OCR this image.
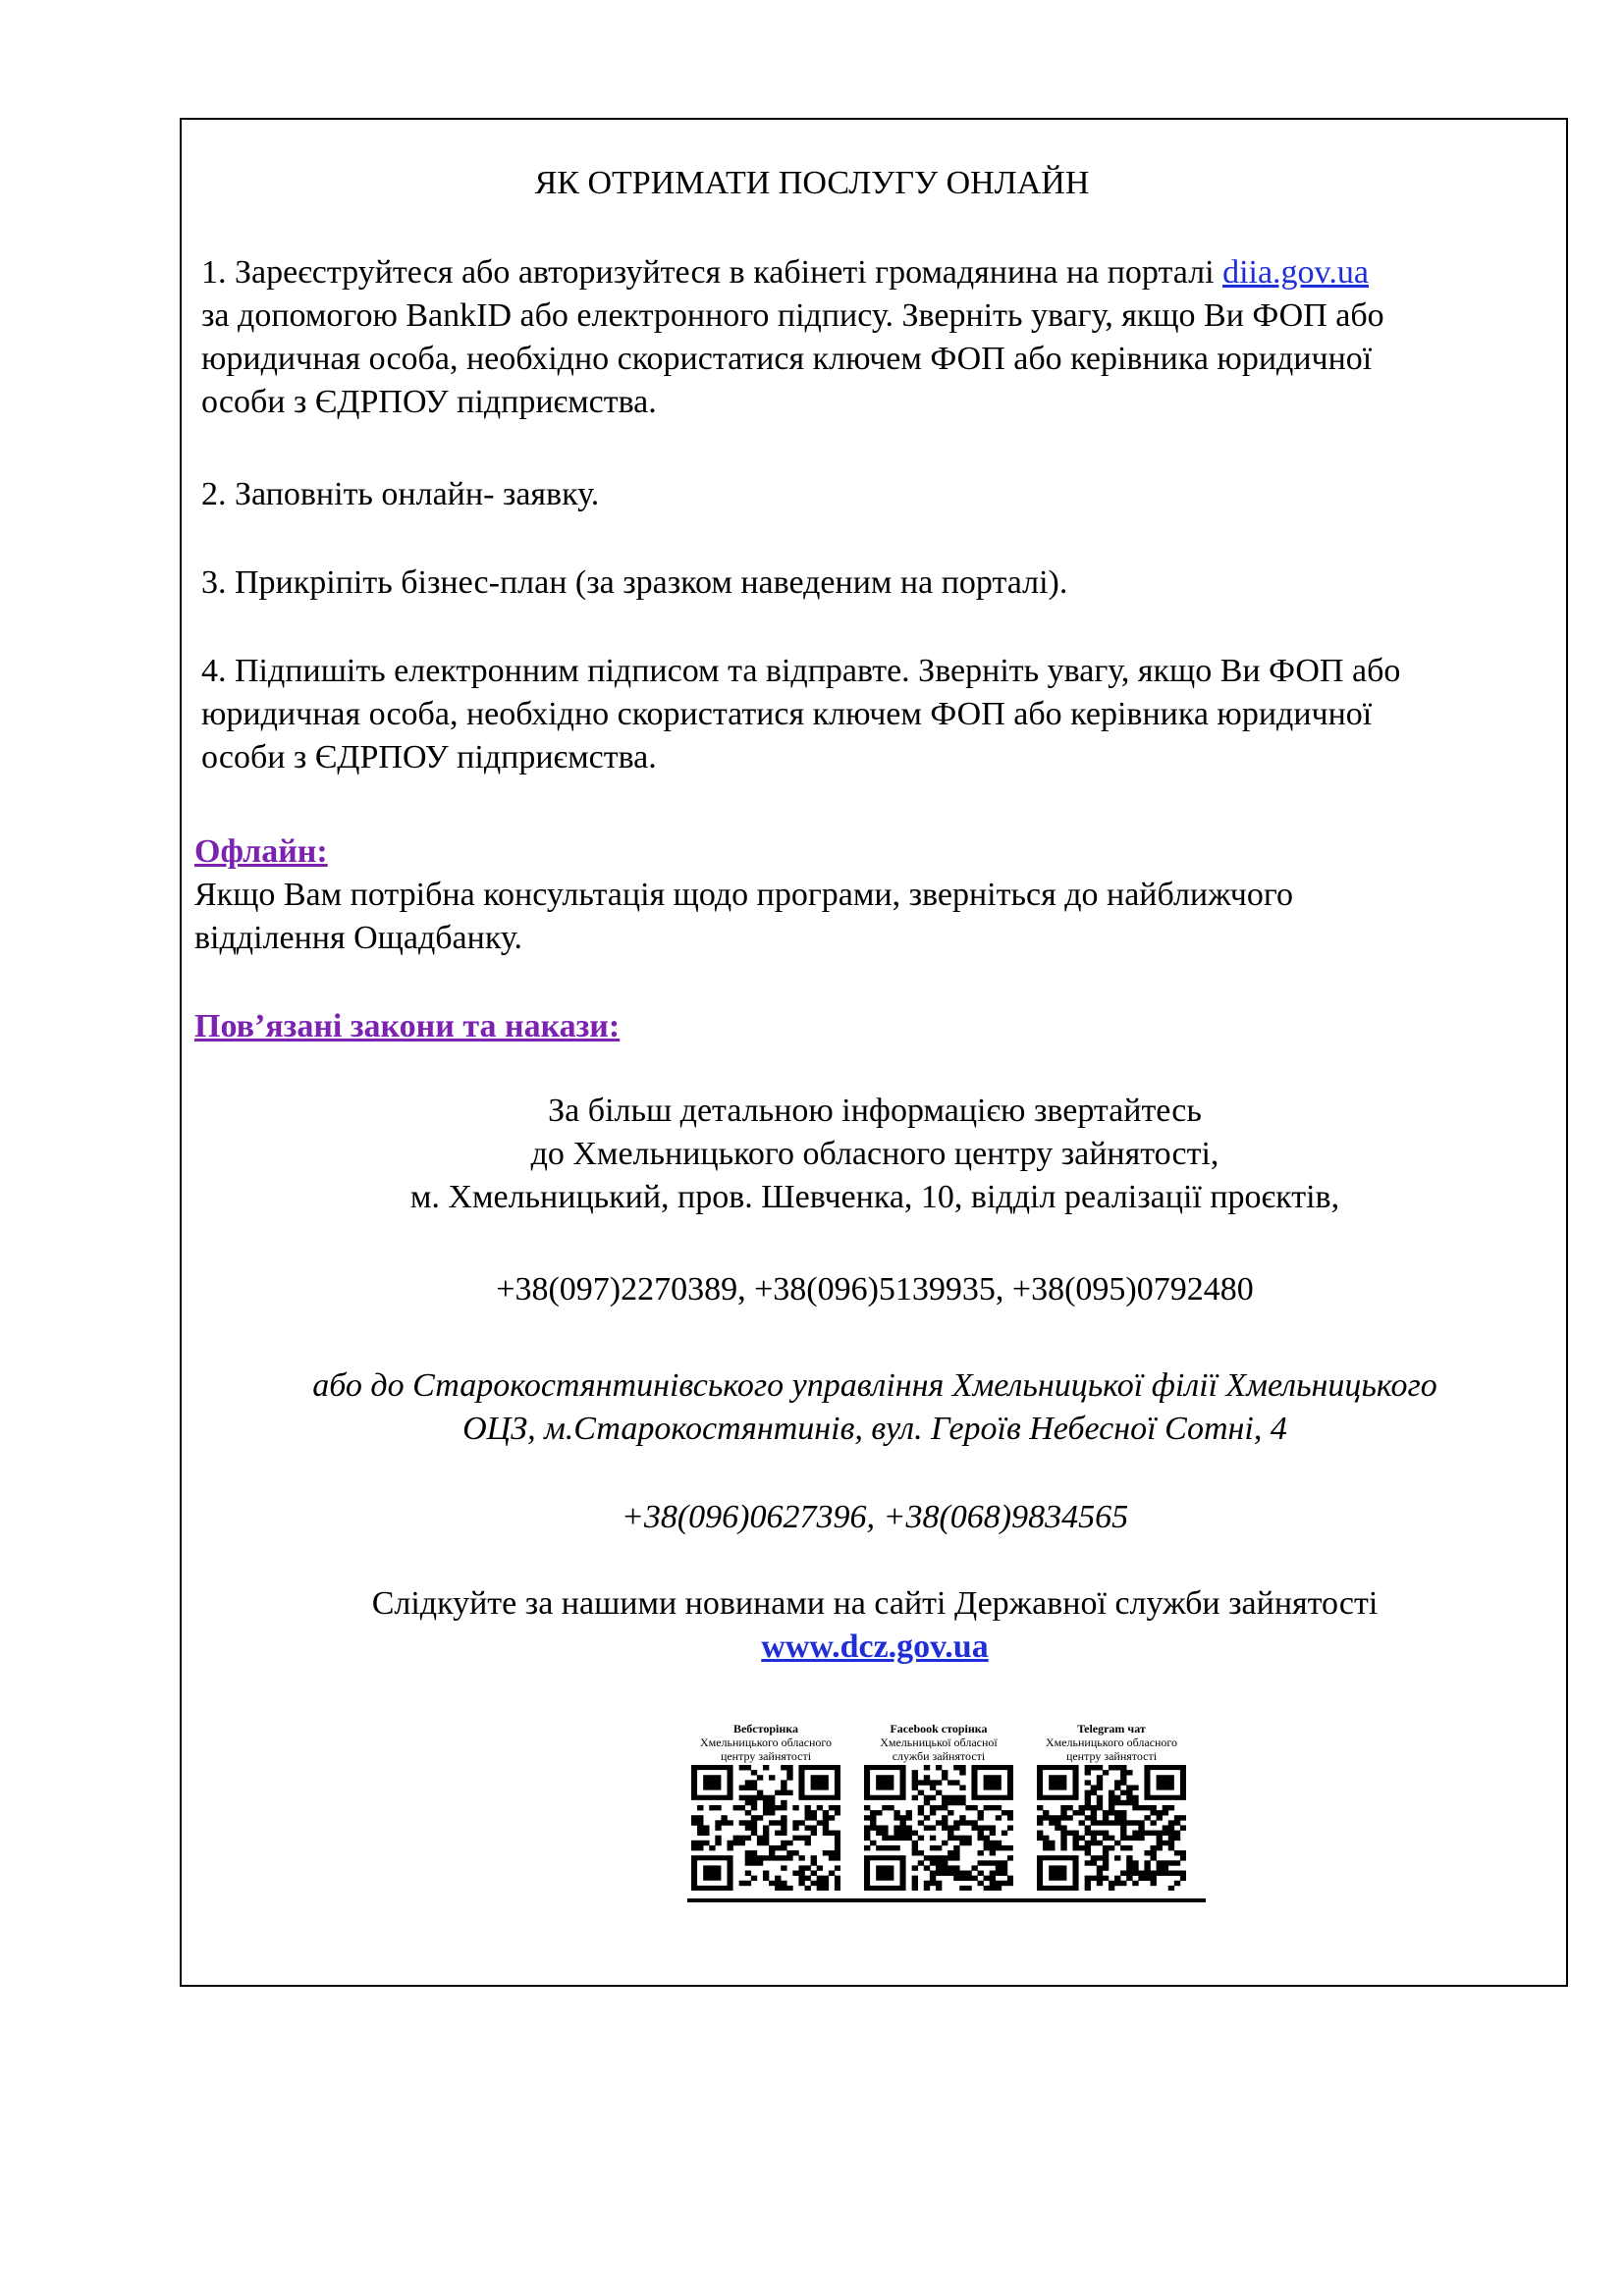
ЯК ОТРИМАТИ ПОСЛУГУ ОНЛАЙН
1. Зареєструйтеся або авторизуйтеся в кабінеті громадянина на порталі diia.gov.ua
за допомогою BankID або електронного підпису. Зверніть увагу, якщо Ви ФОП або
юридичная особа, необхідно скористатися ключем ФОП або керівника юридичної
особи з ЄДРПОУ підприємства.
2. Заповніть онлайн- заявку.
3. Прикріпіть бізнес-план (за зразком наведеним на порталі).
4. Підпишіть електронним підписом та відправте. Зверніть увагу, якщо Ви ФОП або
юридичная особа, необхідно скористатися ключем ФОП або керівника юридичної
особи з ЄДРПОУ підприємства.
Офлайн:
Якщо Вам потрібна консультація щодо програми, зверніться до найближчого
відділення Ощадбанку.
Пов’язані закони та накази:
За більш детальною інформацією звертайтесь
до Хмельницького обласного центру зайнятості,
м. Хмельницький, пров. Шевченка, 10, відділ реалізації проєктів,
+38(097)2270389, +38(096)5139935, +38(095)0792480
або до Старокостянтинівського управління Хмельницької філії Хмельницького
ОЦЗ, м.Старокостянтинів, вул. Героїв Небесної Сотні, 4
+38(096)0627396, +38(068)9834565
Слідкуйте за нашими новинами на сайті Державної служби зайнятості
www.dcz.gov.ua
Вебсторінка
Хмельницького обласного
центру зайнятості
Facebook сторінка
Хмельницької обласної
служби зайнятості
Telegram чат
Хмельницького обласного
центру зайнятості
